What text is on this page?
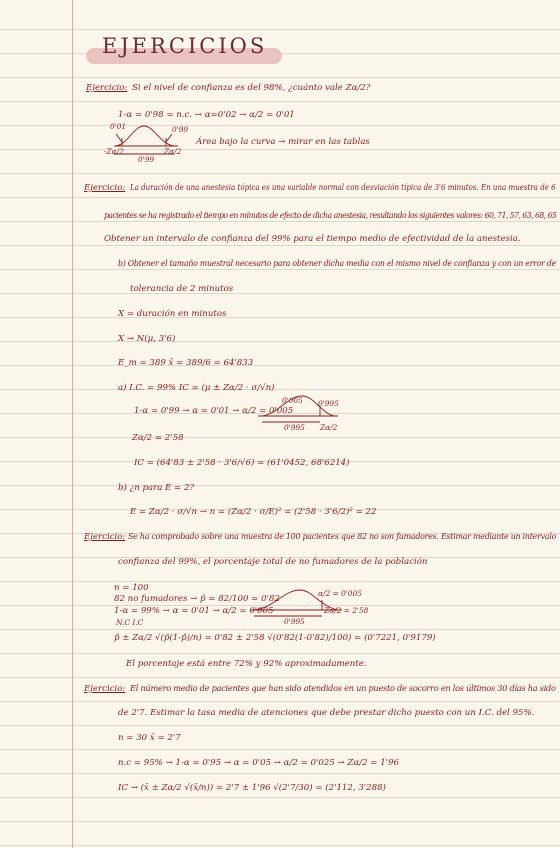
EJERCICIOS
Ejercicio: Si el nivel de confianza es del 98%, ¿cuánto vale Zα/2?
1-α = 0'98 = n.c. → α=0'02 → α/2 = 0'01
0'01	0'99
-Zα/2	Zα/2
0'99
Área bajo la curva → mirar en las tablas
Ejercicio: La duración de una anestesia tópica es una variable normal con desviación típica de 3'6 minutos. En una muestra de 6
pacientes se ha registrado el tiempo en minutos de efecto de dicha anestesia, resultando los siguientes valores: 60, 71, 57, 63, 68, 65
Obtener un intervalo de confianza del 99% para el tiempo medio de efectividad de la anestesia.
b) Obtener el tamaño muestral necesario para obtener dicha media con el mismo nivel de confianza y con un error de
tolerancia de 2 minutos
X = duración en minutos
X → N(μ, 3'6)
E_m = 389 x̄ = 389/6 = 64'833
a) I.C. = 99% IC = (μ ± Zα/2 · σ/√n)
1-α = 0'99 → α = 0'01 → α/2 = 0'005
0'005 0'995
0'995 Zα/2
Zα/2 = 2'58
IC = (64'83 ± 2'58 · 3'6/√6) = (61'0452, 68'6214)
b) ¿n para E = 2?
E = Zα/2 · σ/√n → n = (Zα/2 · σ/E)² = (2'58 · 3'6/2)² = 22
Ejercicio: Se ha comprobado sobre una muestra de 100 pacientes que 82 no son fumadores. Estimar mediante un intervalo
confianza del 99%, el porcentaje total de no fumadores de la población
n = 100
82 no fumadores → p̂ = 82/100 = 0'82
1-α = 99% → α = 0'01 → α/2 = 0'005
N.C I.C
α/2 = 0'005
0'995
Zα/2 = 2'58
p̂ ± Zα/2 √(p̂(1-p̂)/n) = 0'82 ± 2'58 √(0'82(1-0'82)/100) = (0'7221, 0'9179)
El porcentaje está entre 72% y 92% aproximadamente.
Ejercicio: El número medio de pacientes que han sido atendidos en un puesto de socorro en los últimos 30 días ha sido
de 2'7. Estimar la tasa media de atenciones que debe prestar dicho puesto con un I.C. del 95%.
n = 30 x̄ = 2'7
n.c = 95% → 1-α = 0'95 → α = 0'05 → α/2 = 0'025 → Zα/2 = 1'96
IC → (x̄ ± Zα/2 √(x̄/n)) = 2'7 ± 1'96 √(2'7/30) = (2'112, 3'288)
